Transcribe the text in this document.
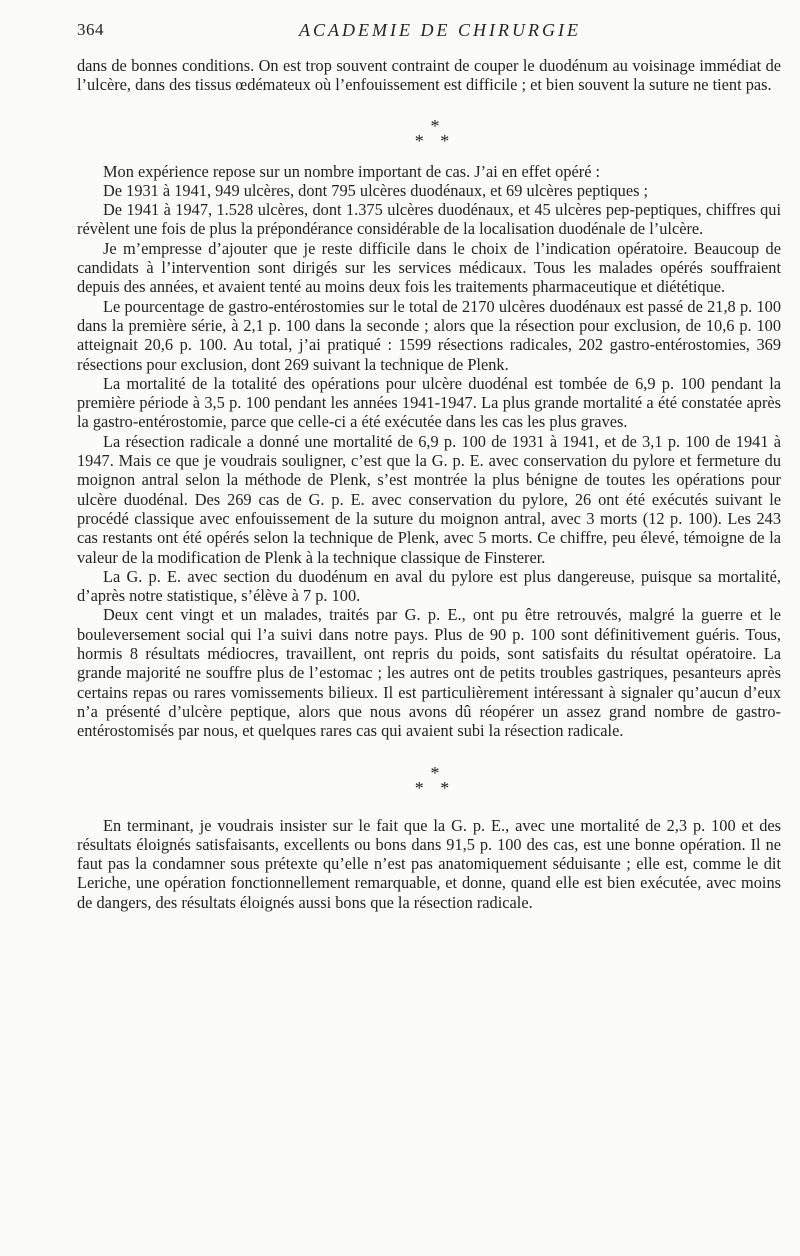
364	ACADEMIE DE CHIRURGIE

dans de bonnes conditions. On est trop souvent contraint de couper le duodénum au voisinage immédiat de l’ulcère, dans des tissus œdémateux où l’enfouissement est difficile ; et bien souvent la suture ne tient pas.

*
* *

Mon expérience repose sur un nombre important de cas. J’ai en effet opéré :

De 1931 à 1941, 949 ulcères, dont 795 ulcères duodénaux, et 69 ulcères peptiques ;

De 1941 à 1947, 1.528 ulcères, dont 1.375 ulcères duodénaux, et 45 ulcères pep-peptiques, chiffres qui révèlent une fois de plus la prépondérance considérable de la localisation duodénale de l’ulcère.

Je m’empresse d’ajouter que je reste difficile dans le choix de l’indication opératoire. Beaucoup de candidats à l’intervention sont dirigés sur les services médicaux. Tous les malades opérés souffraient depuis des années, et avaient tenté au moins deux fois les traitements pharmaceutique et diététique.

Le pourcentage de gastro-entérostomies sur le total de 2170 ulcères duodénaux est passé de 21,8 p. 100 dans la première série, à 2,1 p. 100 dans la seconde ; alors que la résection pour exclusion, de 10,6 p. 100 atteignait 20,6 p. 100. Au total, j’ai pratiqué : 1599 résections radicales, 202 gastro-entérostomies, 369 résections pour exclusion, dont 269 suivant la technique de Plenk.

La mortalité de la totalité des opérations pour ulcère duodénal est tombée de 6,9 p. 100 pendant la première période à 3,5 p. 100 pendant les années 1941-1947. La plus grande mortalité a été constatée après la gastro-entérostomie, parce que celle-ci a été exécutée dans les cas les plus graves.

La résection radicale a donné une mortalité de 6,9 p. 100 de 1931 à 1941, et de 3,1 p. 100 de 1941 à 1947. Mais ce que je voudrais souligner, c’est que la G. p. E. avec conservation du pylore et fermeture du moignon antral selon la méthode de Plenk, s’est montrée la plus bénigne de toutes les opérations pour ulcère duodénal. Des 269 cas de G. p. E. avec conservation du pylore, 26 ont été exécutés suivant le procédé classique avec enfouissement de la suture du moignon antral, avec 3 morts (12 p. 100). Les 243 cas restants ont été opérés selon la technique de Plenk, avec 5 morts. Ce chiffre, peu élevé, témoigne de la valeur de la modification de Plenk à la technique classique de Finsterer.

La G. p. E. avec section du duodénum en aval du pylore est plus dangereuse, puisque sa mortalité, d’après notre statistique, s’élève à 7 p. 100.

Deux cent vingt et un malades, traités par G. p. E., ont pu être retrouvés, malgré la guerre et le bouleversement social qui l’a suivi dans notre pays. Plus de 90 p. 100 sont définitivement guéris. Tous, hormis 8 résultats médiocres, travaillent, ont repris du poids, sont satisfaits du résultat opératoire. La grande majorité ne souffre plus de l’estomac ; les autres ont de petits troubles gastriques, pesanteurs après certains repas ou rares vomissements bilieux. Il est particulièrement intéressant à signaler qu’aucun d’eux n’a présenté d’ulcère peptique, alors que nous avons dû réopérer un assez grand nombre de gastro-entérostomisés par nous, et quelques rares cas qui avaient subi la résection radicale.

*
* *

En terminant, je voudrais insister sur le fait que la G. p. E., avec une mortalité de 2,3 p. 100 et des résultats éloignés satisfaisants, excellents ou bons dans 91,5 p. 100 des cas, est une bonne opération. Il ne faut pas la condamner sous prétexte qu’elle n’est pas anatomiquement séduisante ; elle est, comme le dit Leriche, une opération fonctionnellement remarquable, et donne, quand elle est bien exécutée, avec moins de dangers, des résultats éloignés aussi bons que la résection radicale.
